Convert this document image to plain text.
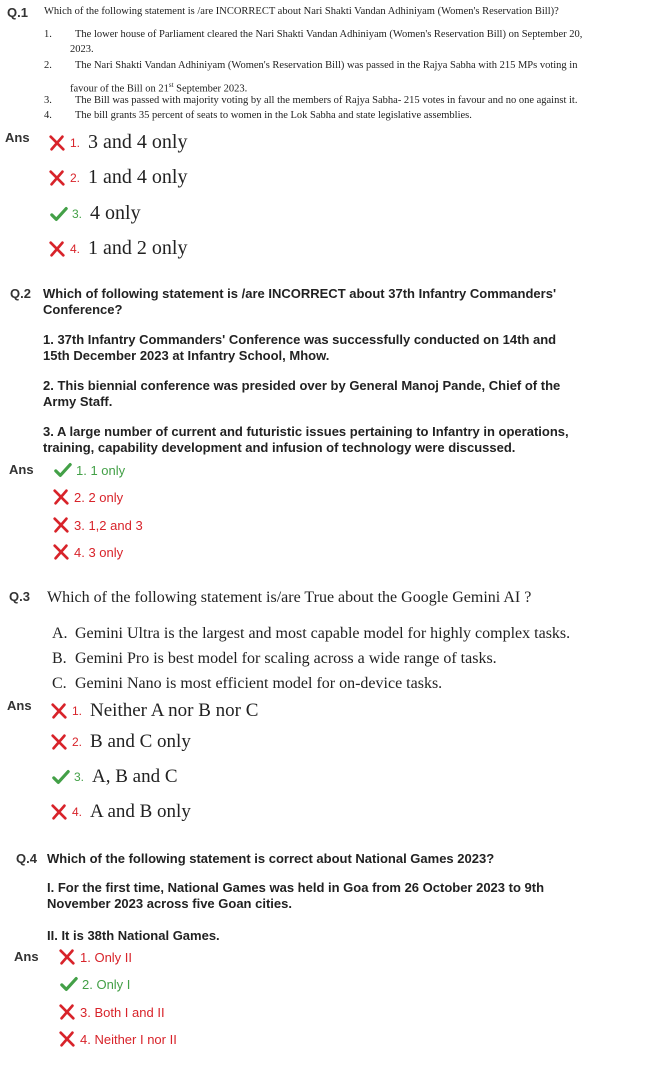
Q.1 Which of the following statement is /are INCORRECT about Nari Shakti Vandan Adhiniyam (Women's Reservation Bill)?
1. The lower house of Parliament cleared the Nari Shakti Vandan Adhiniyam (Women's Reservation Bill) on September 20,
2023.
2. The Nari Shakti Vandan Adhiniyam (Women's Reservation Bill) was passed in the Rajya Sabha with 215 MPs voting in
favour of the Bill on 21st September 2023.
3. The Bill was passed with majority voting by all the members of Rajya Sabha- 215 votes in favour and no one against it.
4. The bill grants 35 percent of seats to women in the Lok Sabha and state legislative assemblies.
Ans	1. 3 and 4 only
2. 1 and 4 only
3. 4 only
4. 1 and 2 only
Q.2 Which of following statement is /are INCORRECT about 37th Infantry Commanders'
Conference?
1. 37th Infantry Commanders' Conference was successfully conducted on 14th and
15th December 2023 at Infantry School, Mhow.
2. This biennial conference was presided over by General Manoj Pande, Chief of the
Army Staff.
3. A large number of current and futuristic issues pertaining to Infantry in operations,
training, capability development and infusion of technology were discussed.
Ans	1. 1 only
2. 2 only
3. 1,2 and 3
4. 3 only
Q.3 Which of the following statement is/are True about the Google Gemini AI ?
A. Gemini Ultra is the largest and most capable model for highly complex tasks.
B. Gemini Pro is best model for scaling across a wide range of tasks.
C. Gemini Nano is most efficient model for on-device tasks.
Ans	1. Neither A nor B nor C
2. B and C only
3. A, B and C
4. A and B only
Q.4 Which of the following statement is correct about National Games 2023?
I. For the first time, National Games was held in Goa from 26 October 2023 to 9th
November 2023 across five Goan cities.
II. It is 38th National Games.
Ans	1. Only II
2. Only I
3. Both I and II
4. Neither I nor II
